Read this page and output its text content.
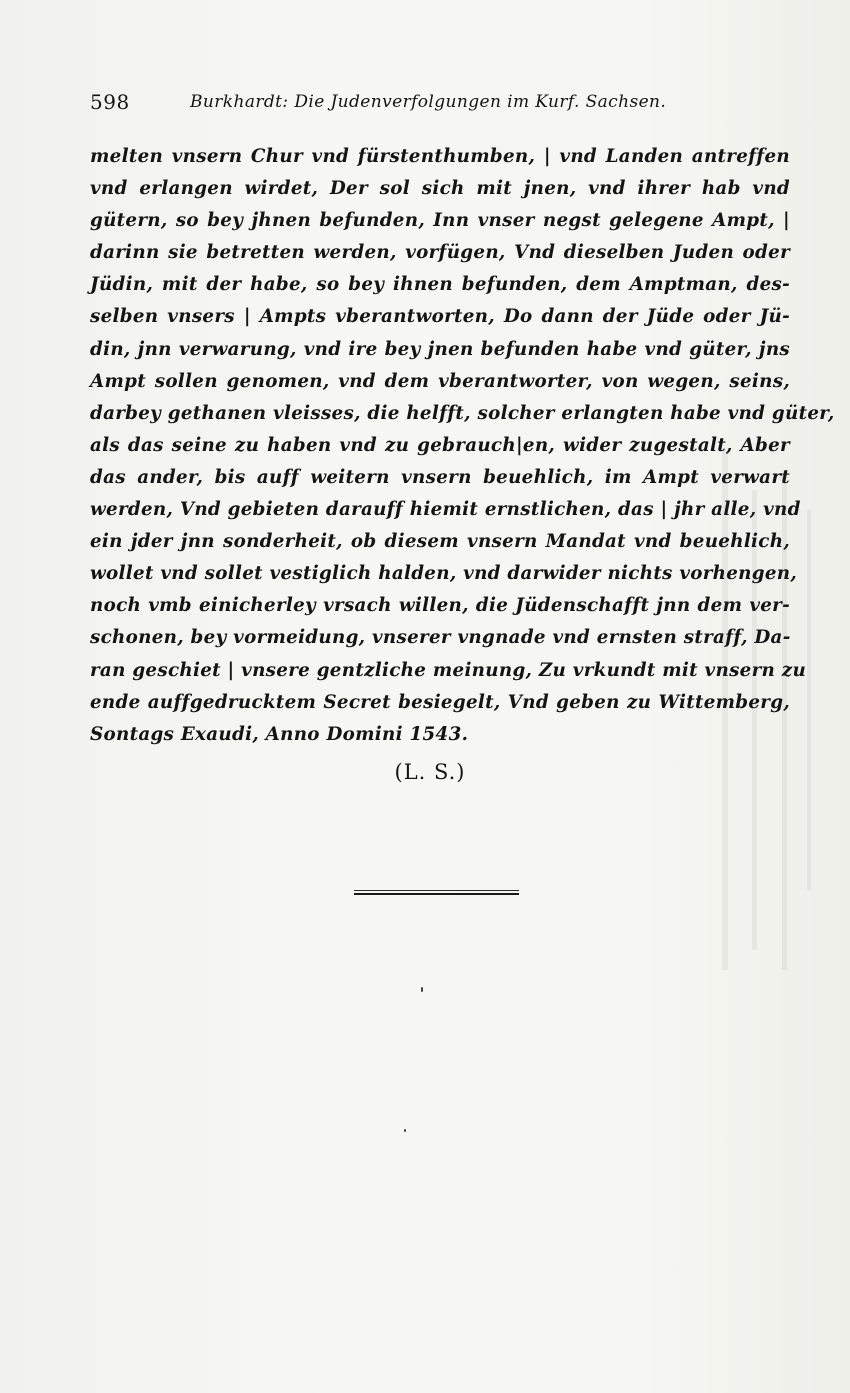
598	Burkhardt: Die Judenverfolgungen im Kurf. Sachsen.
melten vnsern Chur vnd fürstenthumben, | vnd Landen antreffen
vnd erlangen wirdet, Der sol sich mit jnen, vnd ihrer hab vnd
gütern, so bey jhnen befunden, Inn vnser negst gelegene Ampt, |
darinn sie betretten werden, vorfügen, Vnd dieselben Juden oder
Jüdin, mit der habe, so bey ihnen befunden, dem Amptman, des-
selben vnsers | Ampts vberantworten, Do dann der Jüde oder Jü-
din, jnn verwarung, vnd ire bey jnen befunden habe vnd güter, jns
Ampt sollen genomen, vnd dem vberantworter, von wegen, seins,
darbey gethanen vleisses, die helfft, solcher erlangten habe vnd güter,
als das seine zu haben vnd zu gebrauch|en, wider zugestalt, Aber
das ander, bis auff weitern vnsern beuehlich, im Ampt verwart
werden, Vnd gebieten darauff hiemit ernstlichen, das | jhr alle, vnd
ein jder jnn sonderheit, ob diesem vnsern Mandat vnd beuehlich,
wollet vnd sollet vestiglich halden, vnd darwider nichts vorhengen,
noch vmb einicherley vrsach willen, die Jüdenschafft jnn dem ver-
schonen, bey vormeidung, vnserer vngnade vnd ernsten straff, Da-
ran geschiet | vnsere gentzliche meinung, Zu vrkundt mit vnsern zu
ende auffgedrucktem Secret besiegelt, Vnd geben zu Wittemberg,
Sontags Exaudi, Anno Domini 1543.
(L. S.)
